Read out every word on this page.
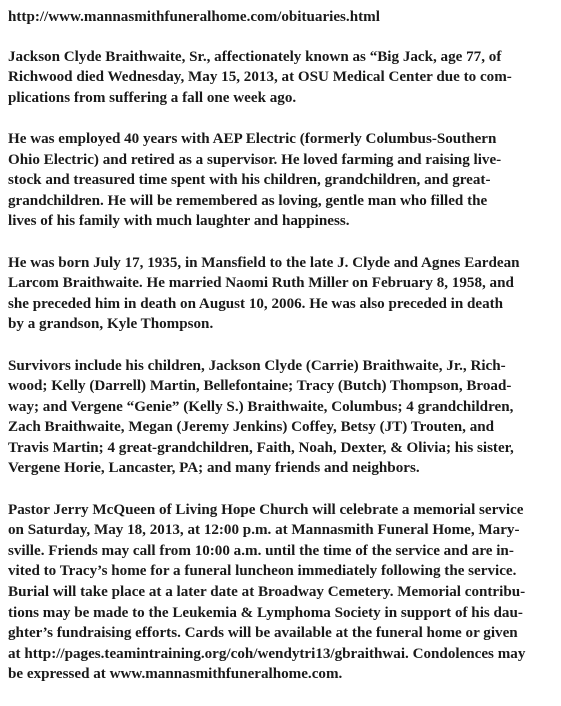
http://www.mannasmithfuneralhome.com/obituaries.html
Jackson Clyde Braithwaite, Sr., affectionately known as “Big Jack, age 77, of
Richwood died Wednesday, May 15, 2013, at OSU Medical Center due to com-
plications from suffering a fall one week ago.
He was employed 40 years with AEP Electric (formerly Columbus-Southern
Ohio Electric) and retired as a supervisor. He loved farming and raising live-
stock and treasured time spent with his children, grandchildren, and great-
grandchildren. He will be remembered as loving, gentle man who filled the
lives of his family with much laughter and happiness.
He was born July 17, 1935, in Mansfield to the late J. Clyde and Agnes Eardean
Larcom Braithwaite. He married Naomi Ruth Miller on February 8, 1958, and
she preceded him in death on August 10, 2006. He was also preceded in death
by a grandson, Kyle Thompson.
Survivors include his children, Jackson Clyde (Carrie) Braithwaite, Jr., Rich-
wood; Kelly (Darrell) Martin, Bellefontaine; Tracy (Butch) Thompson, Broad-
way; and Vergene “Genie” (Kelly S.) Braithwaite, Columbus; 4 grandchildren,
Zach Braithwaite, Megan (Jeremy Jenkins) Coffey, Betsy (JT) Trouten, and
Travis Martin; 4 great-grandchildren, Faith, Noah, Dexter, & Olivia; his sister,
Vergene Horie, Lancaster, PA; and many friends and neighbors.
Pastor Jerry McQueen of Living Hope Church will celebrate a memorial service
on Saturday, May 18, 2013, at 12:00 p.m. at Mannasmith Funeral Home, Mary-
sville. Friends may call from 10:00 a.m. until the time of the service and are in-
vited to Tracy’s home for a funeral luncheon immediately following the service.
Burial will take place at a later date at Broadway Cemetery. Memorial contribu-
tions may be made to the Leukemia & Lymphoma Society in support of his dau-
ghter’s fundraising efforts. Cards will be available at the funeral home or given
at http://pages.teamintraining.org/coh/wendytri13/gbraithwai. Condolences may
be expressed at www.mannasmithfuneralhome.com.
